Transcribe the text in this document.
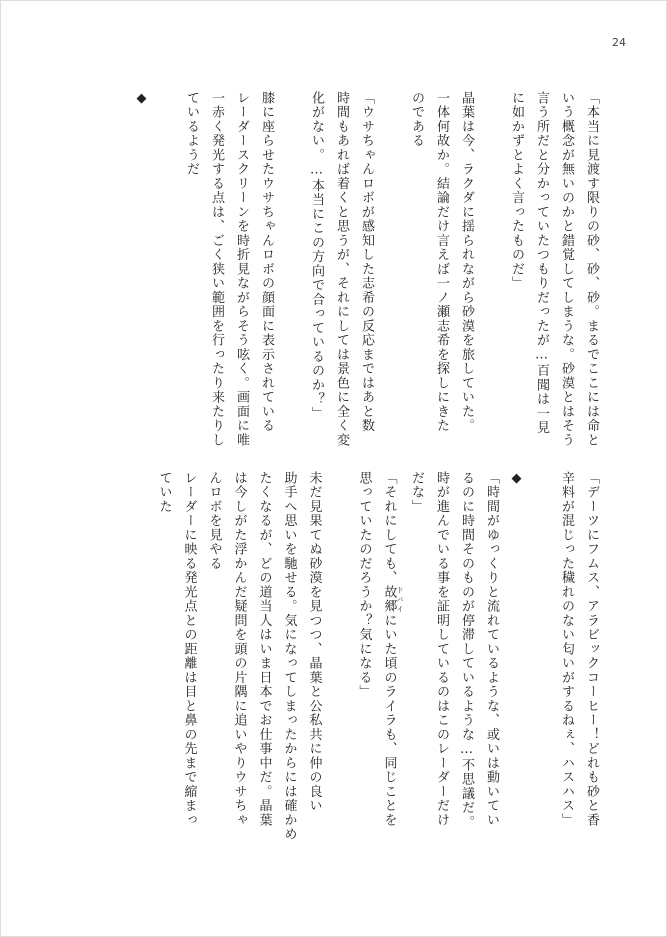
24
「本当に見渡す限りの砂、砂、砂。まるでここには命と
いう概念が無いのかと錯覚してしまうな。砂漠とはそう
言う所だと分かっていたつもりだったが…百聞は一見
に如かずとよく言ったものだ」
晶葉は今、ラクダに揺られながら砂漠を旅していた。
一体何故か。結論だけ言えば一ノ瀬志希を探しにきた
のである
「ウサちゃんロボが感知した志希の反応まではあと数
時間もあれば着くと思うが、それにしては景色に全く変
化がない。…本当にこの方向で合っているのか？」
膝に座らせたウサちゃんロボの顔面に表示されている
レーダースクリーンを時折見ながらそう呟く。画面に唯
一赤く発光する点は、ごく狭い範囲を行ったり来たりし
ているようだ
◆
「デーツにフムス、アラビックコーヒー！どれも砂と香
辛料が混じった穢れのない匂いがするねぇ、ハスハス」
◆
「時間がゆっくりと流れているような、或いは動いてい
るのに時間そのものが停滞しているような…不思議だ。
時が進んでいる事を証明しているのはこのレーダーだけ
だな」
「それにしても、故郷 ドバイにいた頃のライラも、同じことを
思っていたのだろうか？気になる」
未だ見果てぬ砂漠を見つつ、晶葉と公私共に仲の良い
助手へ思いを馳せる。気になってしまったからには確かめ
たくなるが、どの道当人はいま日本でお仕事中だ。晶葉
は今しがた浮かんだ疑問を頭の片隅に追いやりウサちゃ
んロボを見やる
レーダーに映る発光点との距離は目と鼻の先まで縮まっ
ていた
